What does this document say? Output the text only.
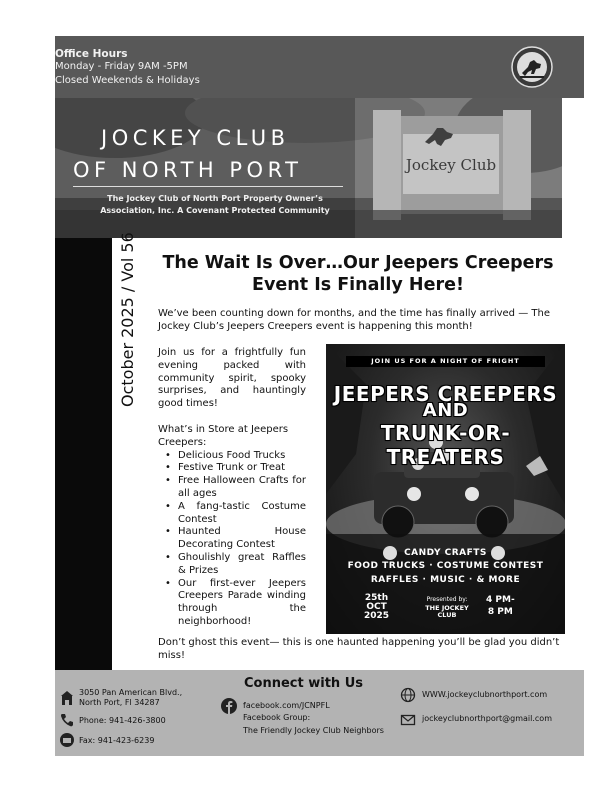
Office Hours
Monday - Friday 9AM -5PM
Closed Weekends & Holidays
Jockey Club
JOCKEY CLUB
OF NORTH PORT
The Jockey Club of North Port Property Owner’s
Association, Inc. A Covenant Protected Community
THE DERBY DISPATCH	October 2025 / Vol 56 The Wait Is Over…Our Jeepers Creepers
Event Is Finally Here!
We’ve been counting down for months, and the time has finally arrived — The Jockey Club’s Jeepers Creepers event is happening this month!
Join us for a frightfully fun evening packed with community spirit, spooky surprises, and hauntingly good times!
What’s in Store at Jeepers Creepers:
• Delicious Food Trucks
• Festive Trunk or Treat
• Free Halloween Crafts for all ages
• A fang-tastic Costume Contest
• Haunted House Decorating Contest
• Ghoulishly great Raffles & Prizes
• Our first-ever Jeepers Creepers Parade winding through the neighborhood!
JOIN US FOR A NIGHT OF FRIGHT
JEEPERS CREEPERS
AND
TRUNK-OR-TREATERS
CANDY CRAFTS
FOOD TRUCKS · COSTUME CONTEST
RAFFLES · MUSIC · & MORE
25th
OCT
2025
Presented by:
THE JOCKEY CLUB
4 PM-
8 PM
Don’t ghost this event— this is one haunted happening you’ll be glad you didn’t miss!
Connect with Us
3050 Pan American Blvd.,
North Port, Fl 34287
Phone: 941-426-3800
Fax: 941-423-6239
facebook.com/JCNPFL
Facebook Group:
The Friendly Jockey Club Neighbors
WWW.jockeyclubnorthport.com
jockeyclubnorthport@gmail.com
